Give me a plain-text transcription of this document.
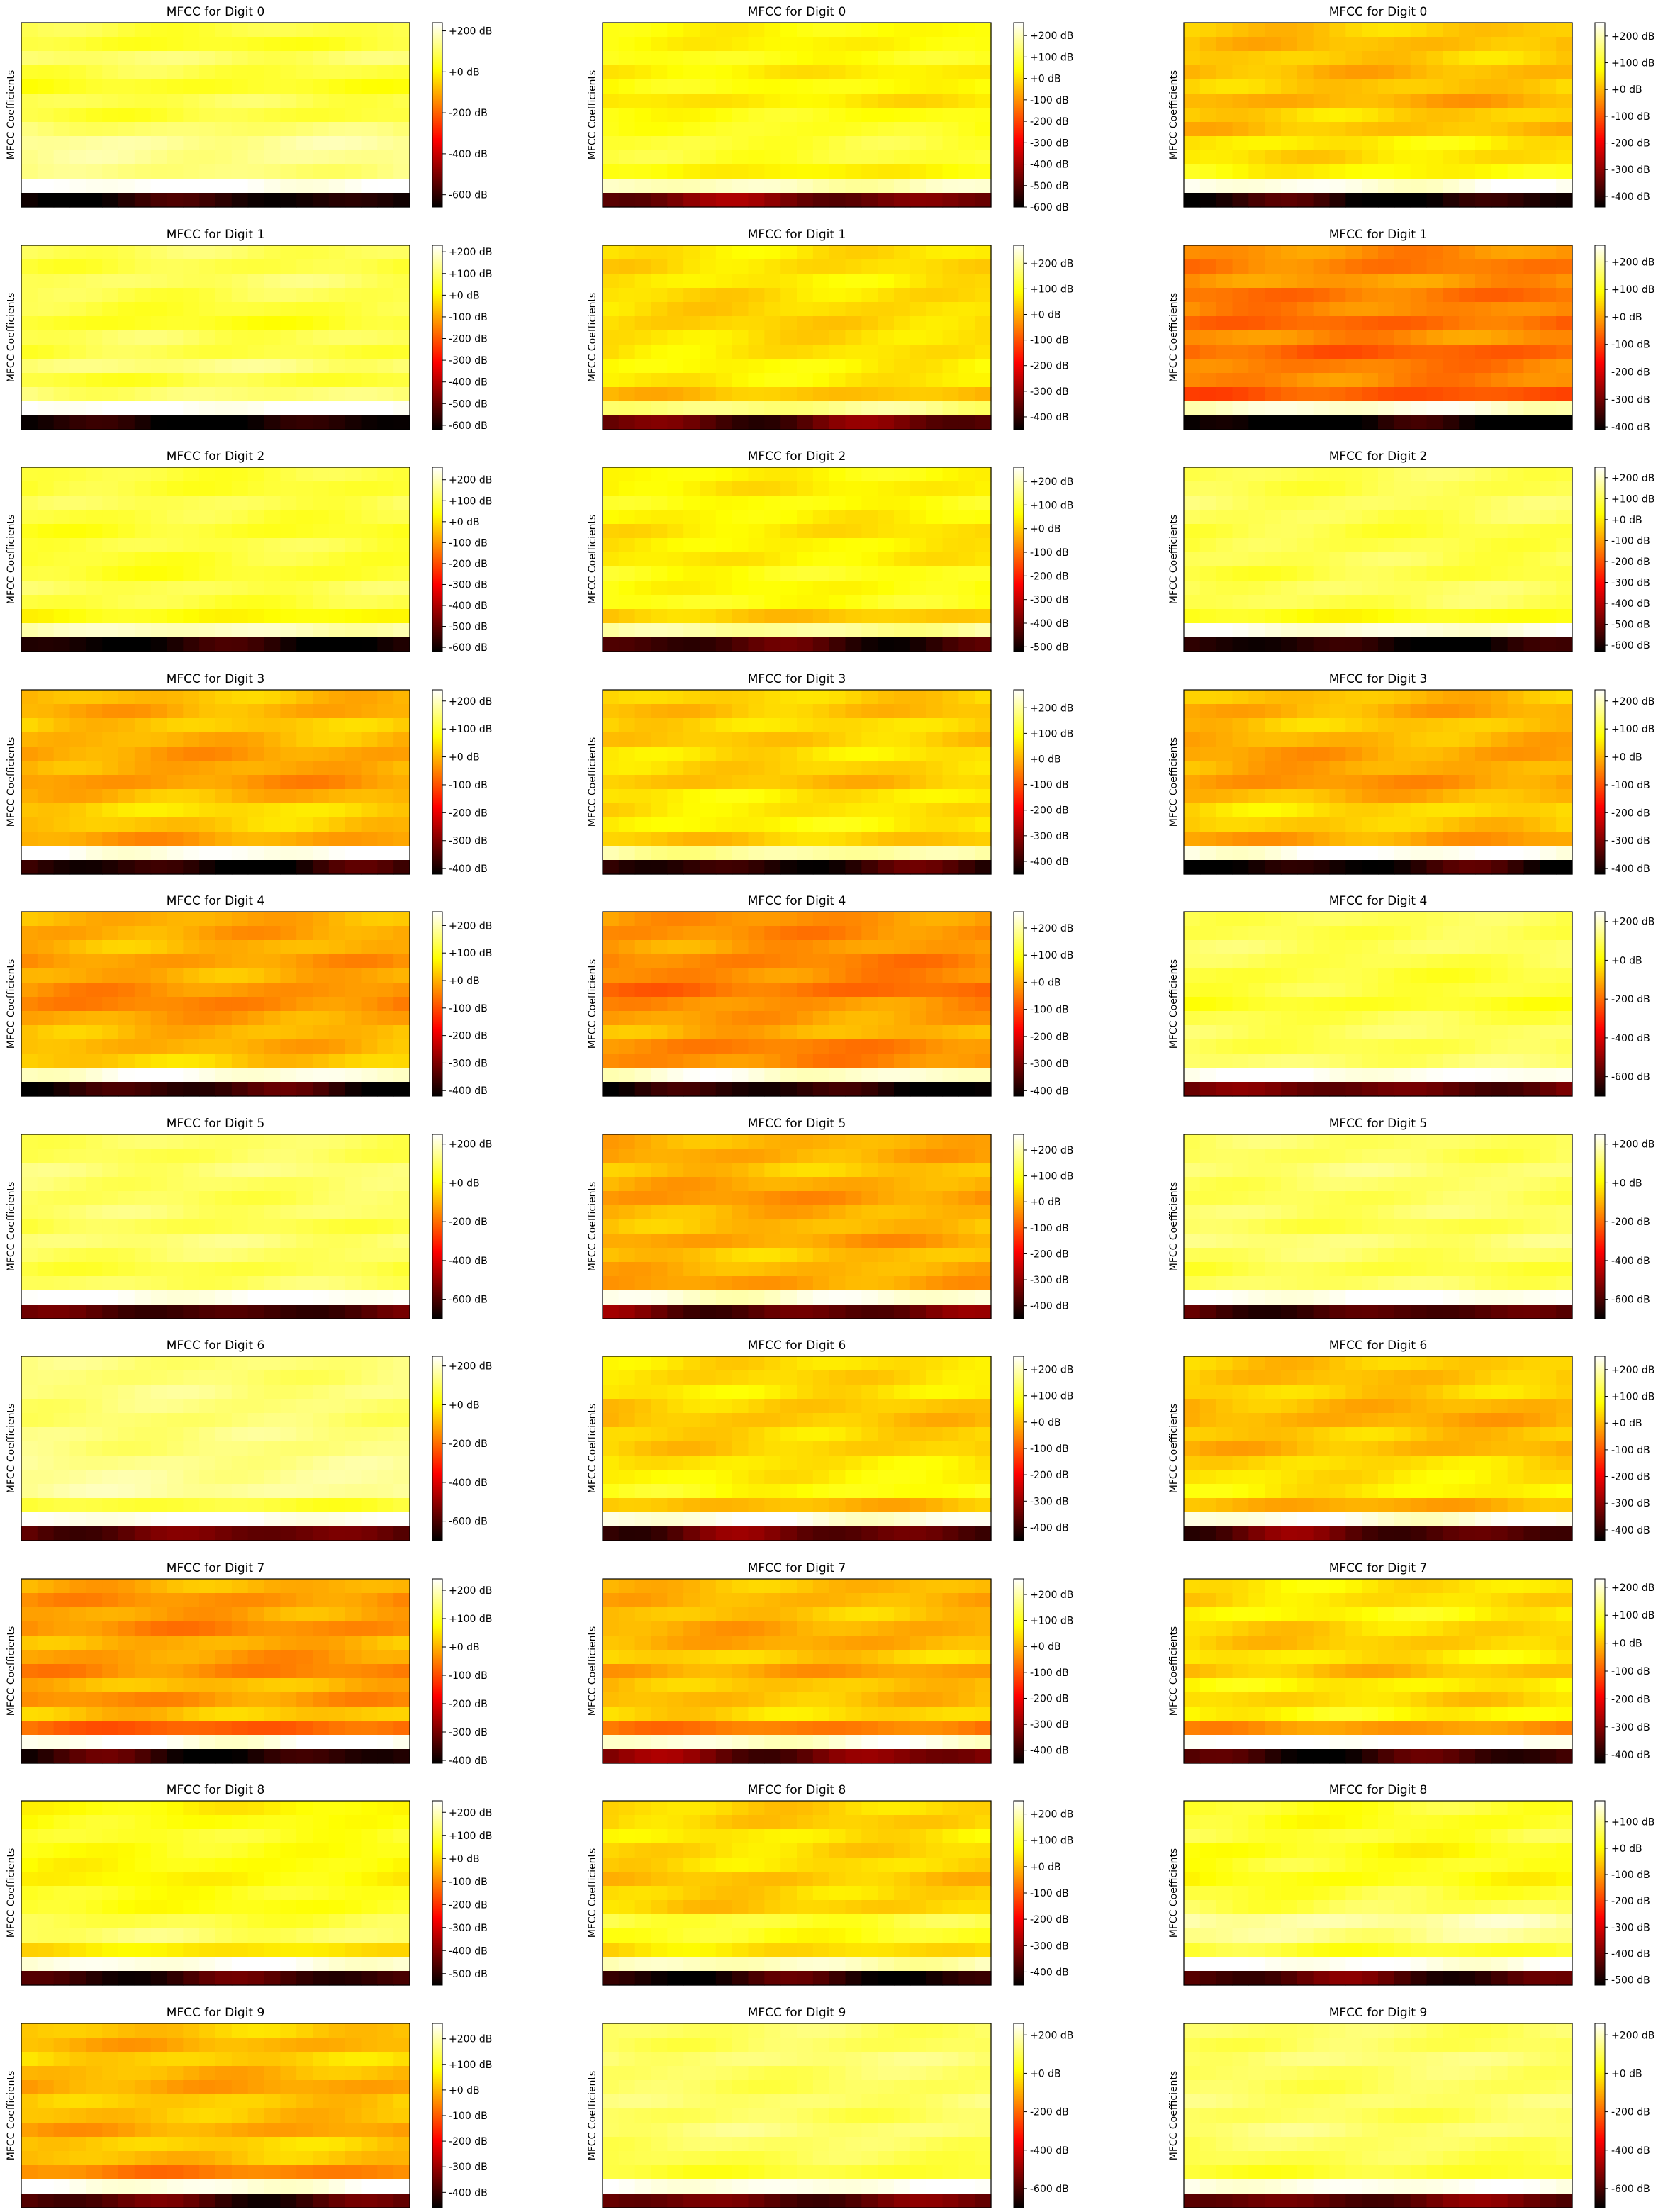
MFCC for Digit 0
MFCC Coefficients
+200 dB
+0 dB
-200 dB
-400 dB
-600 dB
MFCC for Digit 0
MFCC Coefficients
+200 dB
+100 dB
+0 dB
-100 dB
-200 dB
-300 dB
-400 dB
-500 dB
-600 dB
MFCC for Digit 0
MFCC Coefficients
+200 dB
+100 dB
+0 dB
-100 dB
-200 dB
-300 dB
-400 dB
MFCC for Digit 1
MFCC Coefficients
+200 dB
+100 dB
+0 dB
-100 dB
-200 dB
-300 dB
-400 dB
-500 dB
-600 dB
MFCC for Digit 1
MFCC Coefficients
+200 dB
+100 dB
+0 dB
-100 dB
-200 dB
-300 dB
-400 dB
MFCC for Digit 1
MFCC Coefficients
+200 dB
+100 dB
+0 dB
-100 dB
-200 dB
-300 dB
-400 dB
MFCC for Digit 2
MFCC Coefficients
+200 dB
+100 dB
+0 dB
-100 dB
-200 dB
-300 dB
-400 dB
-500 dB
-600 dB
MFCC for Digit 2
MFCC Coefficients
+200 dB
+100 dB
+0 dB
-100 dB
-200 dB
-300 dB
-400 dB
-500 dB
MFCC for Digit 2
MFCC Coefficients
+200 dB
+100 dB
+0 dB
-100 dB
-200 dB
-300 dB
-400 dB
-500 dB
-600 dB
MFCC for Digit 3
MFCC Coefficients
+200 dB
+100 dB
+0 dB
-100 dB
-200 dB
-300 dB
-400 dB
MFCC for Digit 3
MFCC Coefficients
+200 dB
+100 dB
+0 dB
-100 dB
-200 dB
-300 dB
-400 dB
MFCC for Digit 3
MFCC Coefficients
+200 dB
+100 dB
+0 dB
-100 dB
-200 dB
-300 dB
-400 dB
MFCC for Digit 4
MFCC Coefficients
+200 dB
+100 dB
+0 dB
-100 dB
-200 dB
-300 dB
-400 dB
MFCC for Digit 4
MFCC Coefficients
+200 dB
+100 dB
+0 dB
-100 dB
-200 dB
-300 dB
-400 dB
MFCC for Digit 4
MFCC Coefficients
+200 dB
+0 dB
-200 dB
-400 dB
-600 dB
MFCC for Digit 5
MFCC Coefficients
+200 dB
+0 dB
-200 dB
-400 dB
-600 dB
MFCC for Digit 5
MFCC Coefficients
+200 dB
+100 dB
+0 dB
-100 dB
-200 dB
-300 dB
-400 dB
MFCC for Digit 5
MFCC Coefficients
+200 dB
+0 dB
-200 dB
-400 dB
-600 dB
MFCC for Digit 6
MFCC Coefficients
+200 dB
+0 dB
-200 dB
-400 dB
-600 dB
MFCC for Digit 6
MFCC Coefficients
+200 dB
+100 dB
+0 dB
-100 dB
-200 dB
-300 dB
-400 dB
MFCC for Digit 6
MFCC Coefficients
+200 dB
+100 dB
+0 dB
-100 dB
-200 dB
-300 dB
-400 dB
MFCC for Digit 7
MFCC Coefficients
+200 dB
+100 dB
+0 dB
-100 dB
-200 dB
-300 dB
-400 dB
MFCC for Digit 7
MFCC Coefficients
+200 dB
+100 dB
+0 dB
-100 dB
-200 dB
-300 dB
-400 dB
MFCC for Digit 7
MFCC Coefficients
+200 dB
+100 dB
+0 dB
-100 dB
-200 dB
-300 dB
-400 dB
MFCC for Digit 8
MFCC Coefficients
+200 dB
+100 dB
+0 dB
-100 dB
-200 dB
-300 dB
-400 dB
-500 dB
MFCC for Digit 8
MFCC Coefficients
+200 dB
+100 dB
+0 dB
-100 dB
-200 dB
-300 dB
-400 dB
MFCC for Digit 8
MFCC Coefficients
+100 dB
+0 dB
-100 dB
-200 dB
-300 dB
-400 dB
-500 dB
MFCC for Digit 9
MFCC Coefficients
+200 dB
+100 dB
+0 dB
-100 dB
-200 dB
-300 dB
-400 dB
MFCC for Digit 9
MFCC Coefficients
+200 dB
+0 dB
-200 dB
-400 dB
-600 dB
MFCC for Digit 9
MFCC Coefficients
+200 dB
+0 dB
-200 dB
-400 dB
-600 dB
